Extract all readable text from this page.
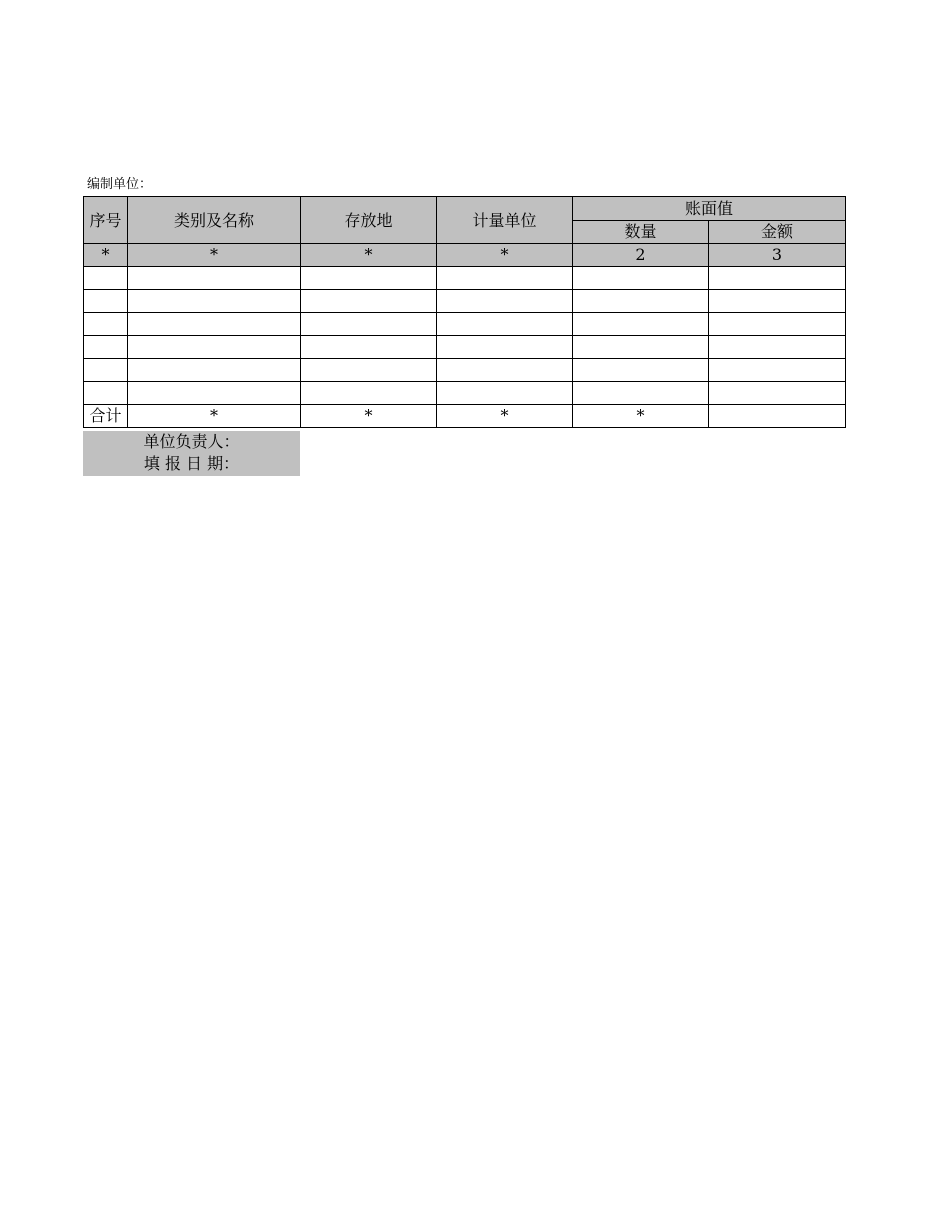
编制单位：
序号	类别及名称	存放地	计量单位	账面值	
				数量	金额
*	*	*	*	2	3

合计	*	*	*	*	
单位负责人：
填 报 日 期：
